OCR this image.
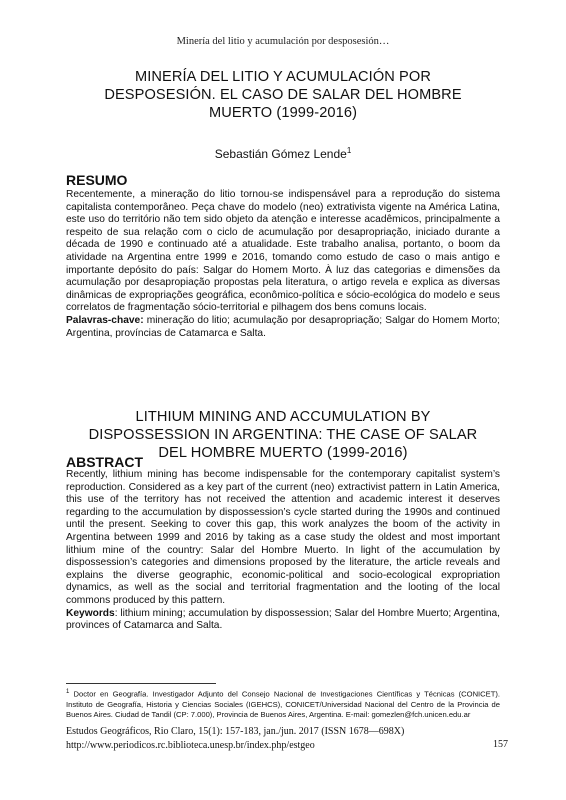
Minería del litio y acumulación por desposesión…
MINERÍA DEL LITIO Y ACUMULACIÓN POR
DESPOSESIÓN. EL CASO DE SALAR DEL HOMBRE
MUERTO (1999-2016)
Sebastián Gómez Lende$^1$
RESUMO
Recentemente, a mineração do litio tornou-se indispensável para a reprodução do sistema capitalista contemporâneo. Peça chave do modelo (neo) extrativista vigente na América Latina, este uso do território não tem sido objeto da atenção e interesse acadêmicos, principalmente a respeito de sua relação com o ciclo de acumulação por desapropriação, iniciado durante a década de 1990 e continuado até a atualidade. Este trabalho analisa, portanto, o boom da atividade na Argentina entre 1999 e 2016, tomando como estudo de caso o mais antigo e importante depósito do país: Salgar do Homem Morto. À luz das categorias e dimensões da acumulação por desapropiação propostas pela literatura, o artigo revela e explica as diversas dinâmicas de expropriações geográfica, econômico-política e sócio-ecológica do modelo e seus correlatos de fragmentação sócio-territorial e pilhagem dos bens comuns locais.
Palavras-chave: mineração do litio; acumulação por desapropriação; Salgar do Homem Morto; Argentina, províncias de Catamarca e Salta.
LITHIUM MINING AND ACCUMULATION BY
DISPOSSESSION IN ARGENTINA: THE CASE OF SALAR
DEL HOMBRE MUERTO (1999-2016)
ABSTRACT
Recently, lithium mining has become indispensable for the contemporary capitalist system’s reproduction. Considered as a key part of the current (neo) extractivist pattern in Latin America, this use of the territory has not received the attention and academic interest it deserves regarding to the accumulation by dispossession’s cycle started during the 1990s and continued until the present. Seeking to cover this gap, this work analyzes the boom of the activity in Argentina between 1999 and 2016 by taking as a case study the oldest and most important lithium mine of the country: Salar del Hombre Muerto. In light of the accumulation by dispossession’s categories and dimensions proposed by the literature, the article reveals and explains the diverse geographic, economic-political and socio-ecological expropriation dynamics, as well as the social and territorial fragmentation and the looting of the local commons produced by this pattern.
Keywords: lithium mining; accumulation by dispossession; Salar del Hombre Muerto; Argentina, provinces of Catamarca and Salta.
$^1$ Doctor en Geografía. Investigador Adjunto del Consejo Nacional de Investigaciones Científicas y Técnicas (CONICET). Instituto de Geografía, Historia y Ciencias Sociales (IGEHCS), CONICET/Universidad Nacional del Centro de la Provincia de Buenos Aires. Ciudad de Tandil (CP: 7.000), Provincia de Buenos Aires, Argentina. E-mail: gomezlen@fch.unicen.edu.ar
Estudos Geográficos, Rio Claro, 15(1): 157-183, jan./jun. 2017 (ISSN 1678—698X)
http://www.periodicos.rc.biblioteca.unesp.br/index.php/estgeo	157
